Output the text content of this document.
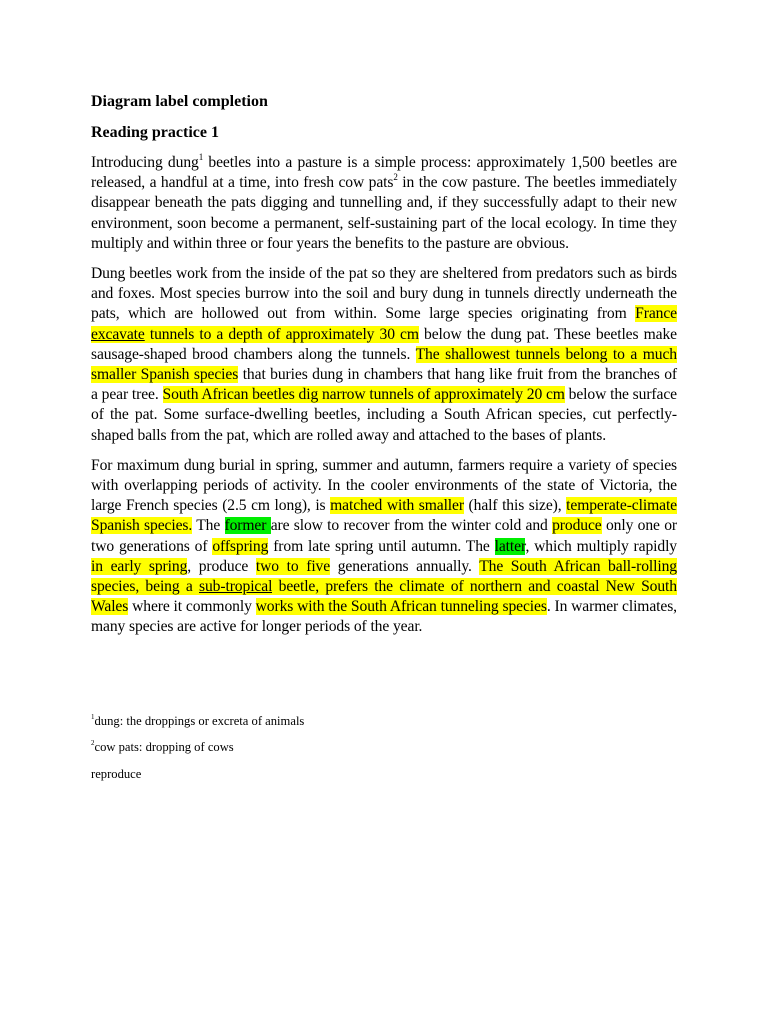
Diagram label completion
Reading practice 1

Introducing dung$^1$ beetles into a pasture is a simple process: approximately 1,500 beetles are released, a handful at a time, into fresh cow pats$^2$ in the cow pasture. The beetles immediately disappear beneath the pats digging and tunnelling and, if they successfully adapt to their new environment, soon become a permanent, self-sustaining part of the local ecology. In time they multiply and within three or four years the benefits to the pasture are obvious.

Dung beetles work from the inside of the pat so they are sheltered from predators such as birds and foxes. Most species burrow into the soil and bury dung in tunnels directly underneath the pats, which are hollowed out from within. Some large species originating from France excavate tunnels to a depth of approximately 30 cm below the dung pat. These beetles make sausage-shaped brood chambers along the tunnels. The shallowest tunnels belong to a much smaller Spanish species that buries dung in chambers that hang like fruit from the branches of a pear tree. South African beetles dig narrow tunnels of approximately 20 cm below the surface of the pat. Some surface-dwelling beetles, including a South African species, cut perfectly-shaped balls from the pat, which are rolled away and attached to the bases of plants.

For maximum dung burial in spring, summer and autumn, farmers require a variety of species with overlapping periods of activity. In the cooler environments of the state of Victoria, the large French species (2.5 cm long), is matched with smaller (half this size), temperate-climate Spanish species. The former are slow to recover from the winter cold and produce only one or two generations of offspring from late spring until autumn. The latter, which multiply rapidly in early spring, produce two to five generations annually. The South African ball-rolling species, being a sub-tropical beetle, prefers the climate of northern and coastal New South Wales where it commonly works with the South African tunneling species. In warmer climates, many species are active for longer periods of the year.

$^1$dung: the droppings or excreta of animals

$^2$cow pats: dropping of cows

reproduce
